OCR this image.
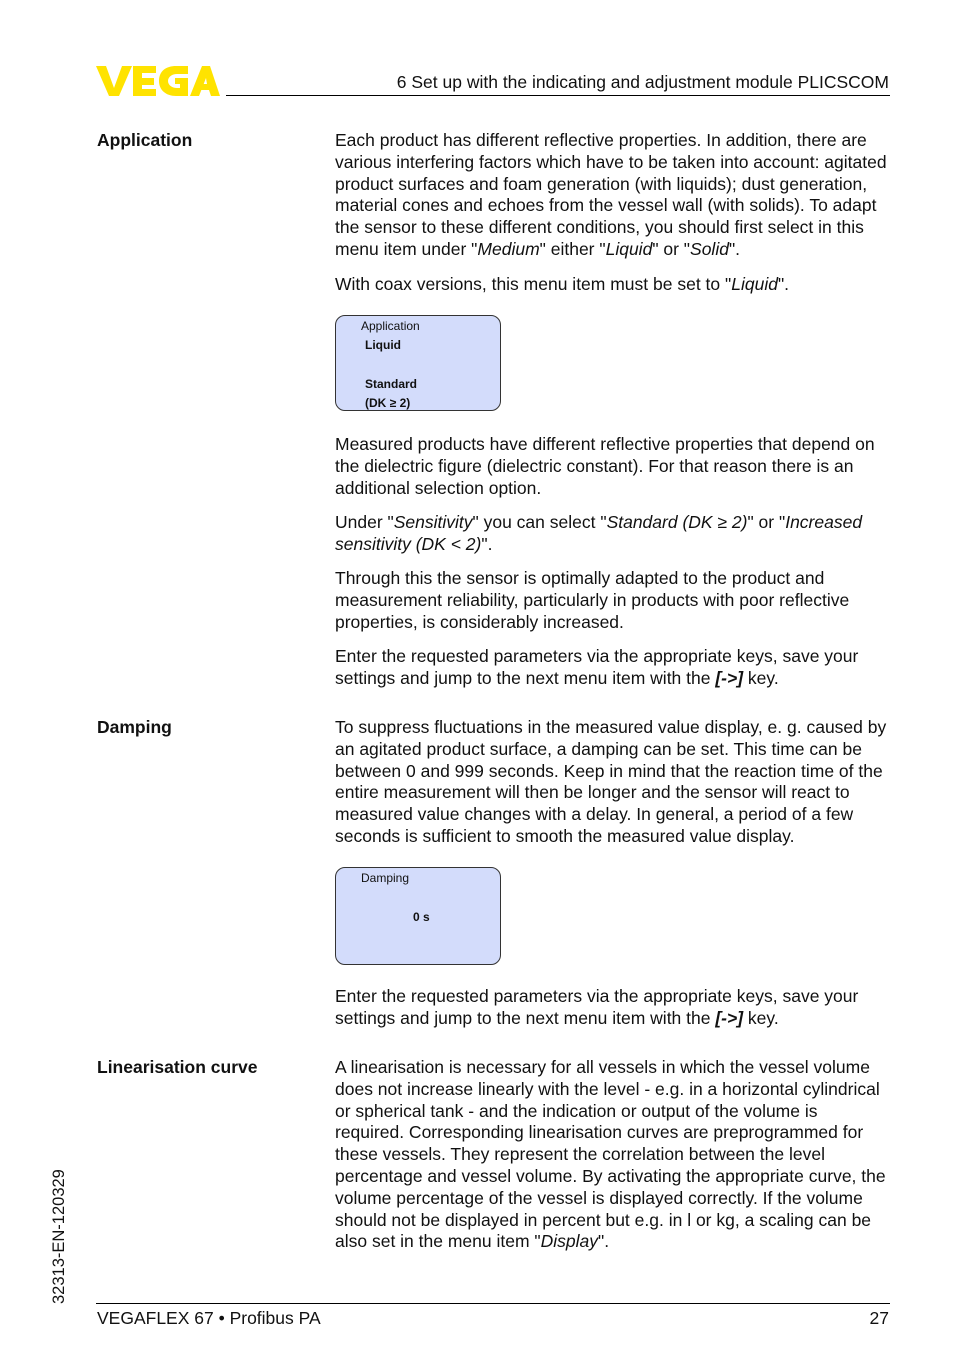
6 Set up with the indicating and adjustment module PLICSCOM
Application	Each product has different reflective properties. In addition, there are various interfering factors which have to be taken into account: agitated product surfaces and foam generation (with liquids); dust generation, material cones and echoes from the vessel wall (with solids). To adapt the sensor to these different conditions, you should first select in this menu item under "Medium" either "Liquid" or "Solid".

With coax versions, this menu item must be set to "Liquid".

Application
Liquid
Standard
(DK ≥ 2)

Measured products have different reflective properties that depend on the dielectric figure (dielectric constant). For that reason there is an additional selection option.

Under "Sensitivity" you can select "Standard (DK ≥ 2)" or "Increased sensitivity (DK < 2)".

Through this the sensor is optimally adapted to the product and measurement reliability, particularly in products with poor reflective properties, is considerably increased.

Enter the requested parameters via the appropriate keys, save your settings and jump to the next menu item with the [->] key.

Damping	To suppress fluctuations in the measured value display, e. g. caused by an agitated product surface, a damping can be set. This time can be between 0 and 999 seconds. Keep in mind that the reaction time of the entire measurement will then be longer and the sensor will react to measured value changes with a delay. In general, a period of a few seconds is sufficient to smooth the measured value display.

Damping
0 s

Enter the requested parameters via the appropriate keys, save your settings and jump to the next menu item with the [->] key.

Linearisation curve	A linearisation is necessary for all vessels in which the vessel volume does not increase linearly with the level - e.g. in a horizontal cylindrical or spherical tank - and the indication or output of the volume is required. Corresponding linearisation curves are preprogrammed for these vessels. They represent the correlation between the level percentage and vessel volume. By activating the appropriate curve, the volume percentage of the vessel is displayed correctly. If the volume should not be displayed in percent but e.g. in l or kg, a scaling can be also set in the menu item "Display".

32313-EN-120329
VEGAFLEX 67 • Profibus PA	27
